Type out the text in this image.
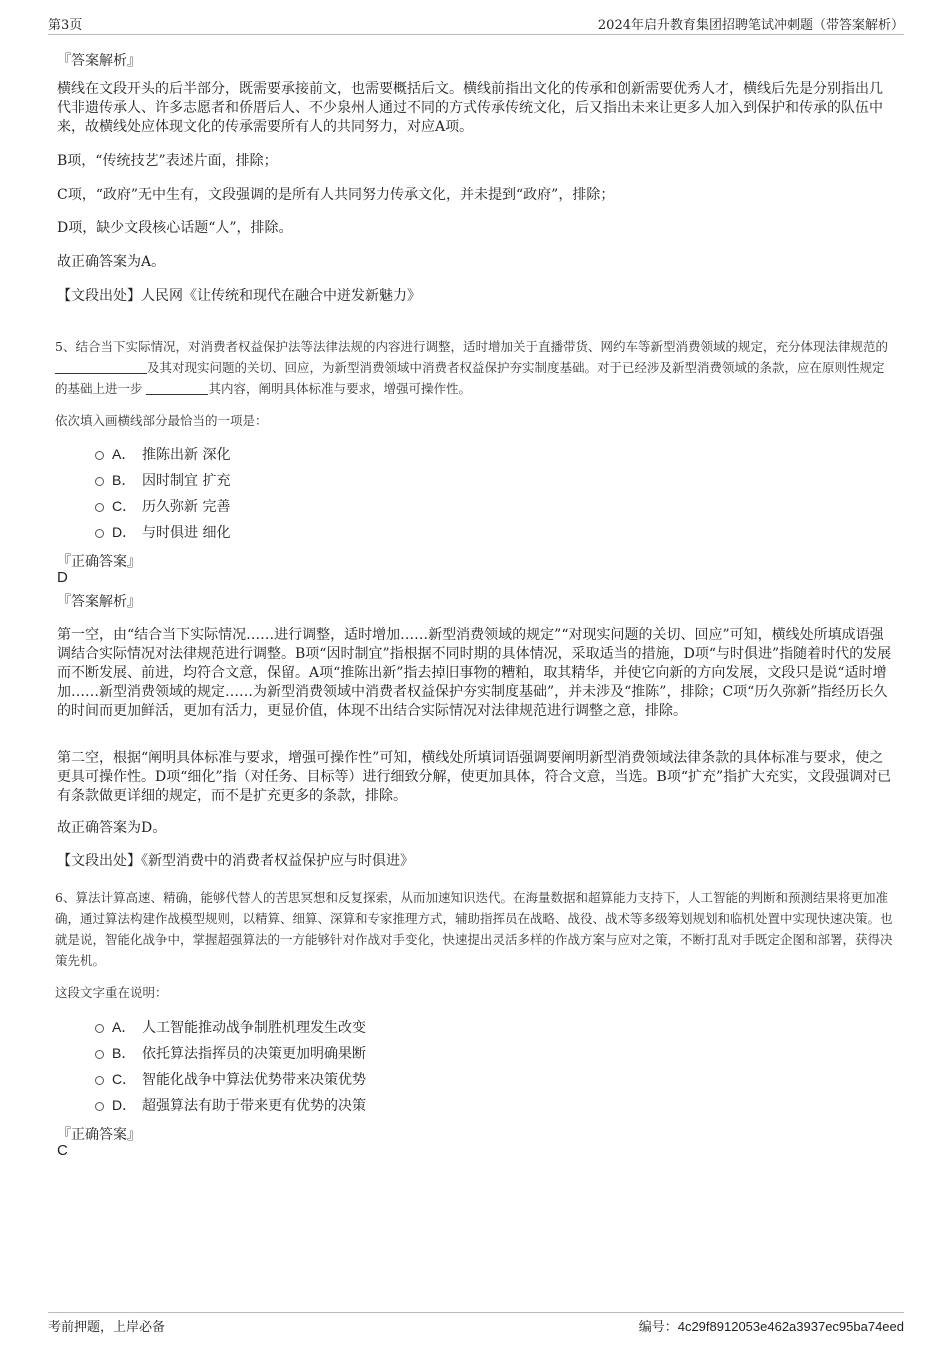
第3页	2024年启升教育集团招聘笔试冲刺题（带答案解析）
『答案解析』
横线在文段开头的后半部分，既需要承接前文，也需要概括后文。横线前指出文化的传承和创新需要优秀人才，横线后先是分别指出几代非遗传承人、许多志愿者和侨厝后人、不少泉州人通过不同的方式传承传统文化，后又指出未来让更多人加入到保护和传承的队伍中来，故横线处应体现文化的传承需要所有人的共同努力，对应A项。
B项，“传统技艺”表述片面，排除；
C项，“政府”无中生有，文段强调的是所有人共同努力传承文化，并未提到“政府”，排除；
D项，缺少文段核心话题“人”，排除。
故正确答案为A。
【文段出处】人民网《让传统和现代在融合中迸发新魅力》
5、结合当下实际情况，对消费者权益保护法等法律法规的内容进行调整，适时增加关于直播带货、网约车等新型消费领域的规定，充分体现法律规范的 及其对现实问题的关切、回应，为新型消费领域中消费者权益保护夯实制度基础。对于已经涉及新型消费领域的条款，应在原则性规定的基础上进一步	其内容，阐明具体标准与要求，增强可操作性。
依次填入画横线部分最恰当的一项是：
A． 推陈出新 深化
B． 因时制宜 扩充
C． 历久弥新 完善
D． 与时俱进 细化
『正确答案』
D
『答案解析』
第一空，由“结合当下实际情况……进行调整，适时增加……新型消费领域的规定”“对现实问题的关切、回应”可知，横线处所填成语强调结合实际情况对法律规范进行调整。B项“因时制宜”指根据不同时期的具体情况，采取适当的措施，D项“与时俱进”指随着时代的发展而不断发展、前进，均符合文意，保留。A项“推陈出新”指去掉旧事物的糟粕，取其精华，并使它向新的方向发展，文段只是说“适时增加……新型消费领域的规定……为新型消费领域中消费者权益保护夯实制度基础”，并未涉及“推陈”，排除；C项“历久弥新”指经历长久的时间而更加鲜活，更加有活力，更显价值，体现不出结合实际情况对法律规范进行调整之意，排除。
第二空，根据“阐明具体标准与要求，增强可操作性”可知，横线处所填词语强调要阐明新型消费领域法律条款的具体标准与要求，使之更具可操作性。D项“细化”指（对任务、目标等）进行细致分解，使更加具体，符合文意，当选。B项“扩充”指扩大充实，文段强调对已有条款做更详细的规定，而不是扩充更多的条款，排除。
故正确答案为D。
【文段出处】《新型消费中的消费者权益保护应与时俱进》
6、算法计算高速、精确，能够代替人的苦思冥想和反复探索，从而加速知识迭代。在海量数据和超算能力支持下，人工智能的判断和预测结果将更加准确，通过算法构建作战模型规则，以精算、细算、深算和专家推理方式，辅助指挥员在战略、战役、战术等多级筹划规划和临机处置中实现快速决策。也就是说，智能化战争中，掌握超强算法的一方能够针对作战对手变化，快速提出灵活多样的作战方案与应对之策，不断打乱对手既定企图和部署，获得决策先机。
这段文字重在说明：
A． 人工智能推动战争制胜机理发生改变
B． 依托算法指挥员的决策更加明确果断
C． 智能化战争中算法优势带来决策优势
D． 超强算法有助于带来更有优势的决策
『正确答案』
C
考前押题，上岸必备	编号：4c29f8912053e462a3937ec95ba74eed
